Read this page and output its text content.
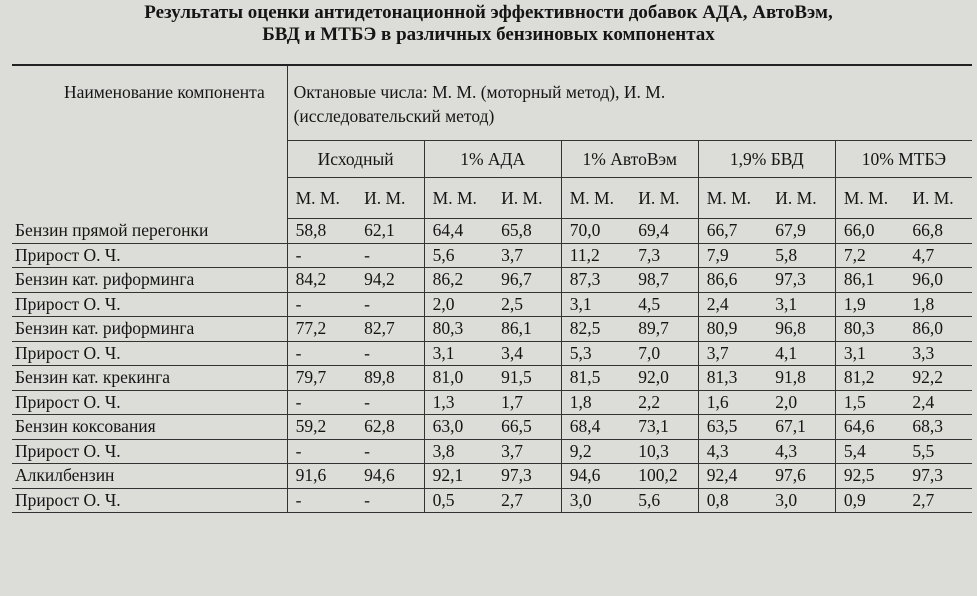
Результаты оценки антидетонационной эффективности добавок АДА, АвтоВэм,
БВД и МТБЭ в различных бензиновых компонентах
Наименование компонента	Октановые числа: М. М. (моторный метод), И. М. (исследовательский метод)									
	Исходный		1% АДА		1% АвтоВэм		1,9% БВД		10% МТБЭ	
	М. М.	И. М.	М. М.	И. М.	М. М.	И. М.	М. М.	И. М.	М. М.	И. М.
Бензин прямой перегонки	58,8	62,1	64,4	65,8	70,0	69,4	66,7	67,9	66,0	66,8
Прирост О. Ч.	-	-	5,6	3,7	11,2	7,3	7,9	5,8	7,2	4,7
Бензин кат. риформинга	84,2	94,2	86,2	96,7	87,3	98,7	86,6	97,3	86,1	96,0
Прирост О. Ч.	-	-	2,0	2,5	3,1	4,5	2,4	3,1	1,9	1,8
Бензин кат. риформинга	77,2	82,7	80,3	86,1	82,5	89,7	80,9	96,8	80,3	86,0
Прирост О. Ч.	-	-	3,1	3,4	5,3	7,0	3,7	4,1	3,1	3,3
Бензин кат. крекинга	79,7	89,8	81,0	91,5	81,5	92,0	81,3	91,8	81,2	92,2
Прирост О. Ч.	-	-	1,3	1,7	1,8	2,2	1,6	2,0	1,5	2,4
Бензин коксования	59,2	62,8	63,0	66,5	68,4	73,1	63,5	67,1	64,6	68,3
Прирост О. Ч.	-	-	3,8	3,7	9,2	10,3	4,3	4,3	5,4	5,5
Алкилбензин	91,6	94,6	92,1	97,3	94,6	100,2	92,4	97,6	92,5	97,3
Прирост О. Ч.	-	-	0,5	2,7	3,0	5,6	0,8	3,0	0,9	2,7
